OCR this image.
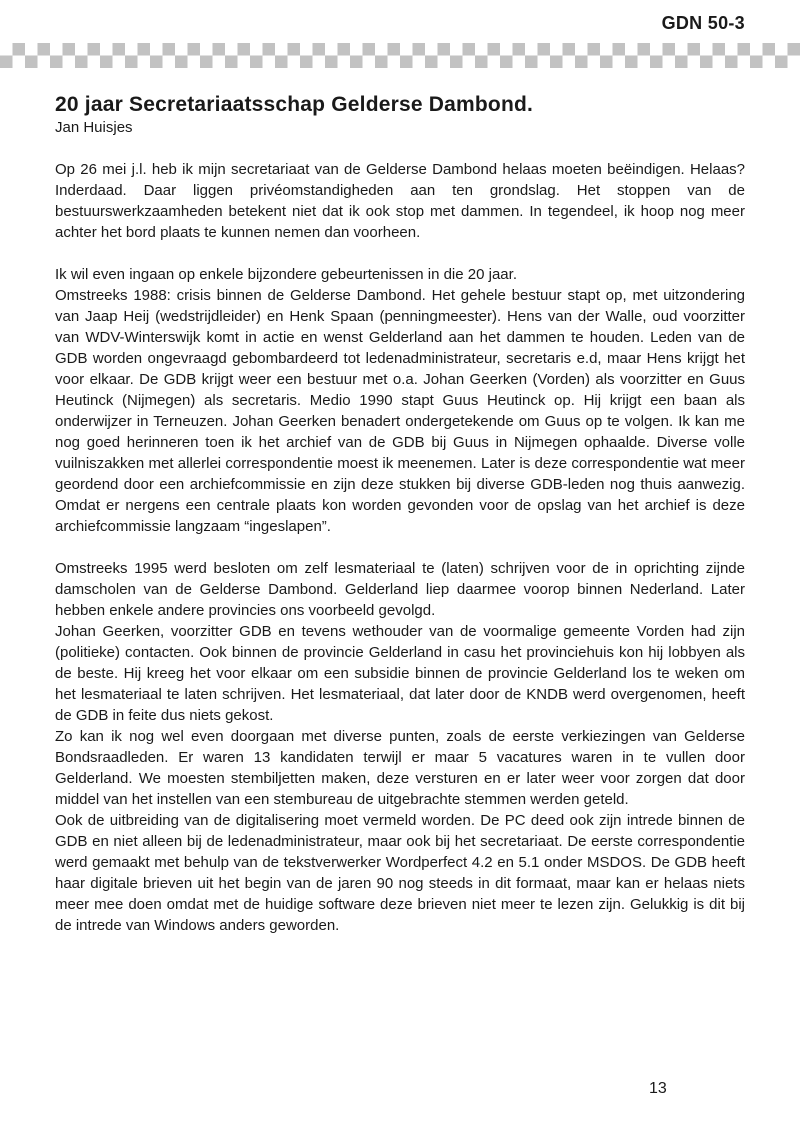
GDN 50-3
20 jaar Secretariaatsschap Gelderse Dambond.
Jan Huisjes

Op 26 mei j.l. heb ik mijn secretariaat van de Gelderse Dambond helaas moeten beëindigen. Helaas? Inderdaad. Daar liggen privéomstandigheden aan ten grondslag. Het stoppen van de bestuurswerkzaamheden betekent niet dat ik ook stop met dammen. In tegendeel, ik hoop nog meer achter het bord plaats te kunnen nemen dan voorheen.

Ik wil even ingaan op enkele bijzondere gebeurtenissen in die 20 jaar.

Omstreeks 1988: crisis binnen de Gelderse Dambond. Het gehele bestuur stapt op, met uitzondering van Jaap Heij (wedstrijdleider) en Henk Spaan (penningmeester). Hens van der Walle, oud voorzitter van WDV-Winterswijk komt in actie en wenst Gelderland aan het dammen te houden. Leden van de GDB worden ongevraagd gebombardeerd tot ledenadministrateur, secretaris e.d, maar Hens krijgt het voor elkaar. De GDB krijgt weer een bestuur met o.a. Johan Geerken (Vorden) als voorzitter en Guus Heutinck (Nijmegen) als secretaris. Medio 1990 stapt Guus Heutinck op. Hij krijgt een baan als onderwijzer in Terneuzen. Johan Geerken benadert ondergetekende om Guus op te volgen. Ik kan me nog goed herinneren toen ik het archief van de GDB bij Guus in Nijmegen ophaalde. Diverse volle vuilniszakken met allerlei correspondentie moest ik meenemen. Later is deze correspondentie wat meer geordend door een archiefcommissie en zijn deze stukken bij diverse GDB-leden nog thuis aanwezig. Omdat er nergens een centrale plaats kon worden gevonden voor de opslag van het archief is deze archiefcommissie langzaam “ingeslapen”.

Omstreeks 1995 werd besloten om zelf lesmateriaal te (laten) schrijven voor de in oprichting zijnde damscholen van de Gelderse Dambond. Gelderland liep daarmee voorop binnen Nederland. Later hebben enkele andere provincies ons voorbeeld gevolgd.

Johan Geerken, voorzitter GDB en tevens wethouder van de voormalige gemeente Vorden had zijn (politieke) contacten. Ook binnen de provincie Gelderland in casu het provinciehuis kon hij lobbyen als de beste. Hij kreeg het voor elkaar om een subsidie binnen de provincie Gelderland los te weken om het lesmateriaal te laten schrijven. Het lesmateriaal, dat later door de KNDB werd overgenomen, heeft de GDB in feite dus niets gekost.

Zo kan ik nog wel even doorgaan met diverse punten, zoals de eerste verkiezingen van Gelderse Bondsraadleden. Er waren 13 kandidaten terwijl er maar 5 vacatures waren in te vullen door Gelderland. We moesten stembiljetten maken, deze versturen en er later weer voor zorgen dat door middel van het instellen van een stembureau de uitgebrachte stemmen werden geteld.

Ook de uitbreiding van de digitalisering moet vermeld worden. De PC deed ook zijn intrede binnen de GDB en niet alleen bij de ledenadministrateur, maar ook bij het secretariaat. De eerste correspondentie werd gemaakt met behulp van de tekstverwerker Wordperfect 4.2 en 5.1 onder MSDOS. De GDB heeft haar digitale brieven uit het begin van de jaren 90 nog steeds in dit formaat, maar kan er helaas niets meer mee doen omdat met de huidige software deze brieven niet meer te lezen zijn. Gelukkig is dit bij de intrede van Windows anders geworden.

13
